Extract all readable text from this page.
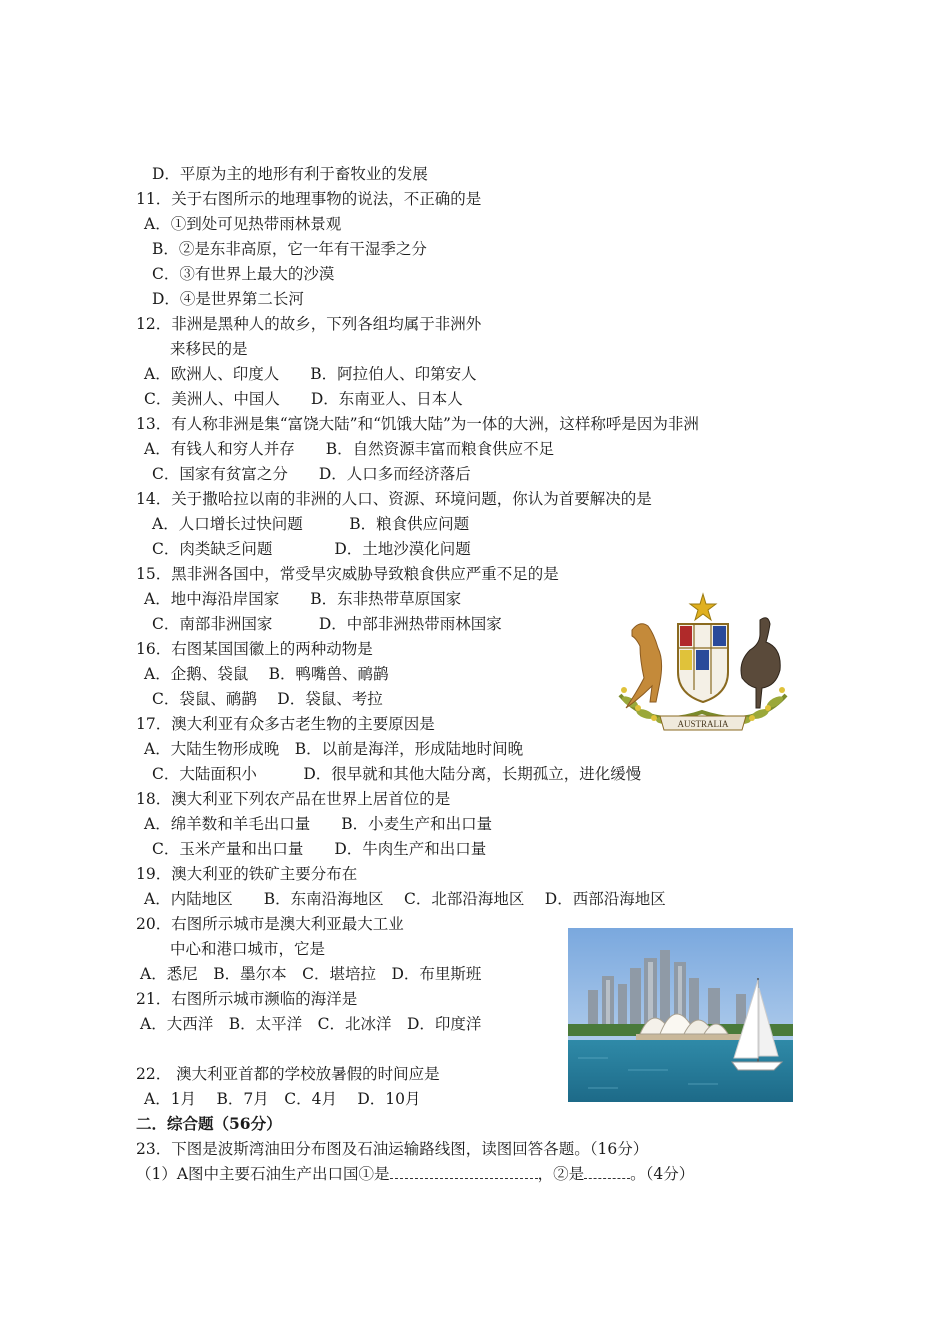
D．平原为主的地形有利于畜牧业的发展
11．关于右图所示的地理事物的说法，不正确的是
A．①到处可见热带雨林景观
B．②是东非高原，它一年有干湿季之分
C．③有世界上最大的沙漠
D．④是世界第二长河
12．非洲是黑种人的故乡，下列各组均属于非洲外
来移民的是
A．欧洲人、印度人　　B．阿拉伯人、印第安人
C．美洲人、中国人　　D．东南亚人、日本人
13．有人称非洲是集“富饶大陆”和“饥饿大陆”为一体的大洲，这样称呼是因为非洲
A．有钱人和穷人并存　　B．自然资源丰富而粮食供应不足
C．国家有贫富之分　　D．人口多而经济落后
14．关于撒哈拉以南的非洲的人口、资源、环境问题，你认为首要解决的是
A．人口增长过快问题　　　B．粮食供应问题
C．肉类缺乏问题　　　　D．土地沙漠化问题
15．黑非洲各国中，常受旱灾威胁导致粮食供应严重不足的是
A．地中海沿岸国家　　B．东非热带草原国家
C．南部非洲国家　　　D．中部非洲热带雨林国家
16．右图某国国徽上的两种动物是
A．企鹅、袋鼠　 B．鸭嘴兽、鸸鹋
C．袋鼠、鸸鹋　 D．袋鼠、考拉
17．澳大利亚有众多古老生物的主要原因是
A．大陆生物形成晚　B．以前是海洋，形成陆地时间晚
C．大陆面积小　　　D．很早就和其他大陆分离，长期孤立，进化缓慢
18．澳大利亚下列农产品在世界上居首位的是
A．绵羊数和羊毛出口量　　B．小麦生产和出口量
C．玉米产量和出口量　　D．牛肉生产和出口量
19．澳大利亚的铁矿主要分布在
A．内陆地区　　B．东南沿海地区　 C．北部沿海地区　 D．西部沿海地区
20．右图所示城市是澳大利亚最大工业
中心和港口城市，它是
A．悉尼　B．墨尔本　C．堪培拉　D．布里斯班
21．右图所示城市濒临的海洋是
A．大西洋　B．太平洋　C．北冰洋　D．印度洋
22． 澳大利亚首都的学校放暑假的时间应是
A．1月　 B．7月　C．4月　 D．10月
二．综合题（56分）
23．下图是波斯湾油田分布图及石油运输路线图，读图回答各题。（16分）
（1）A图中主要石油生产出口国①是	，②是	。（4分）
AUSTRALIA
